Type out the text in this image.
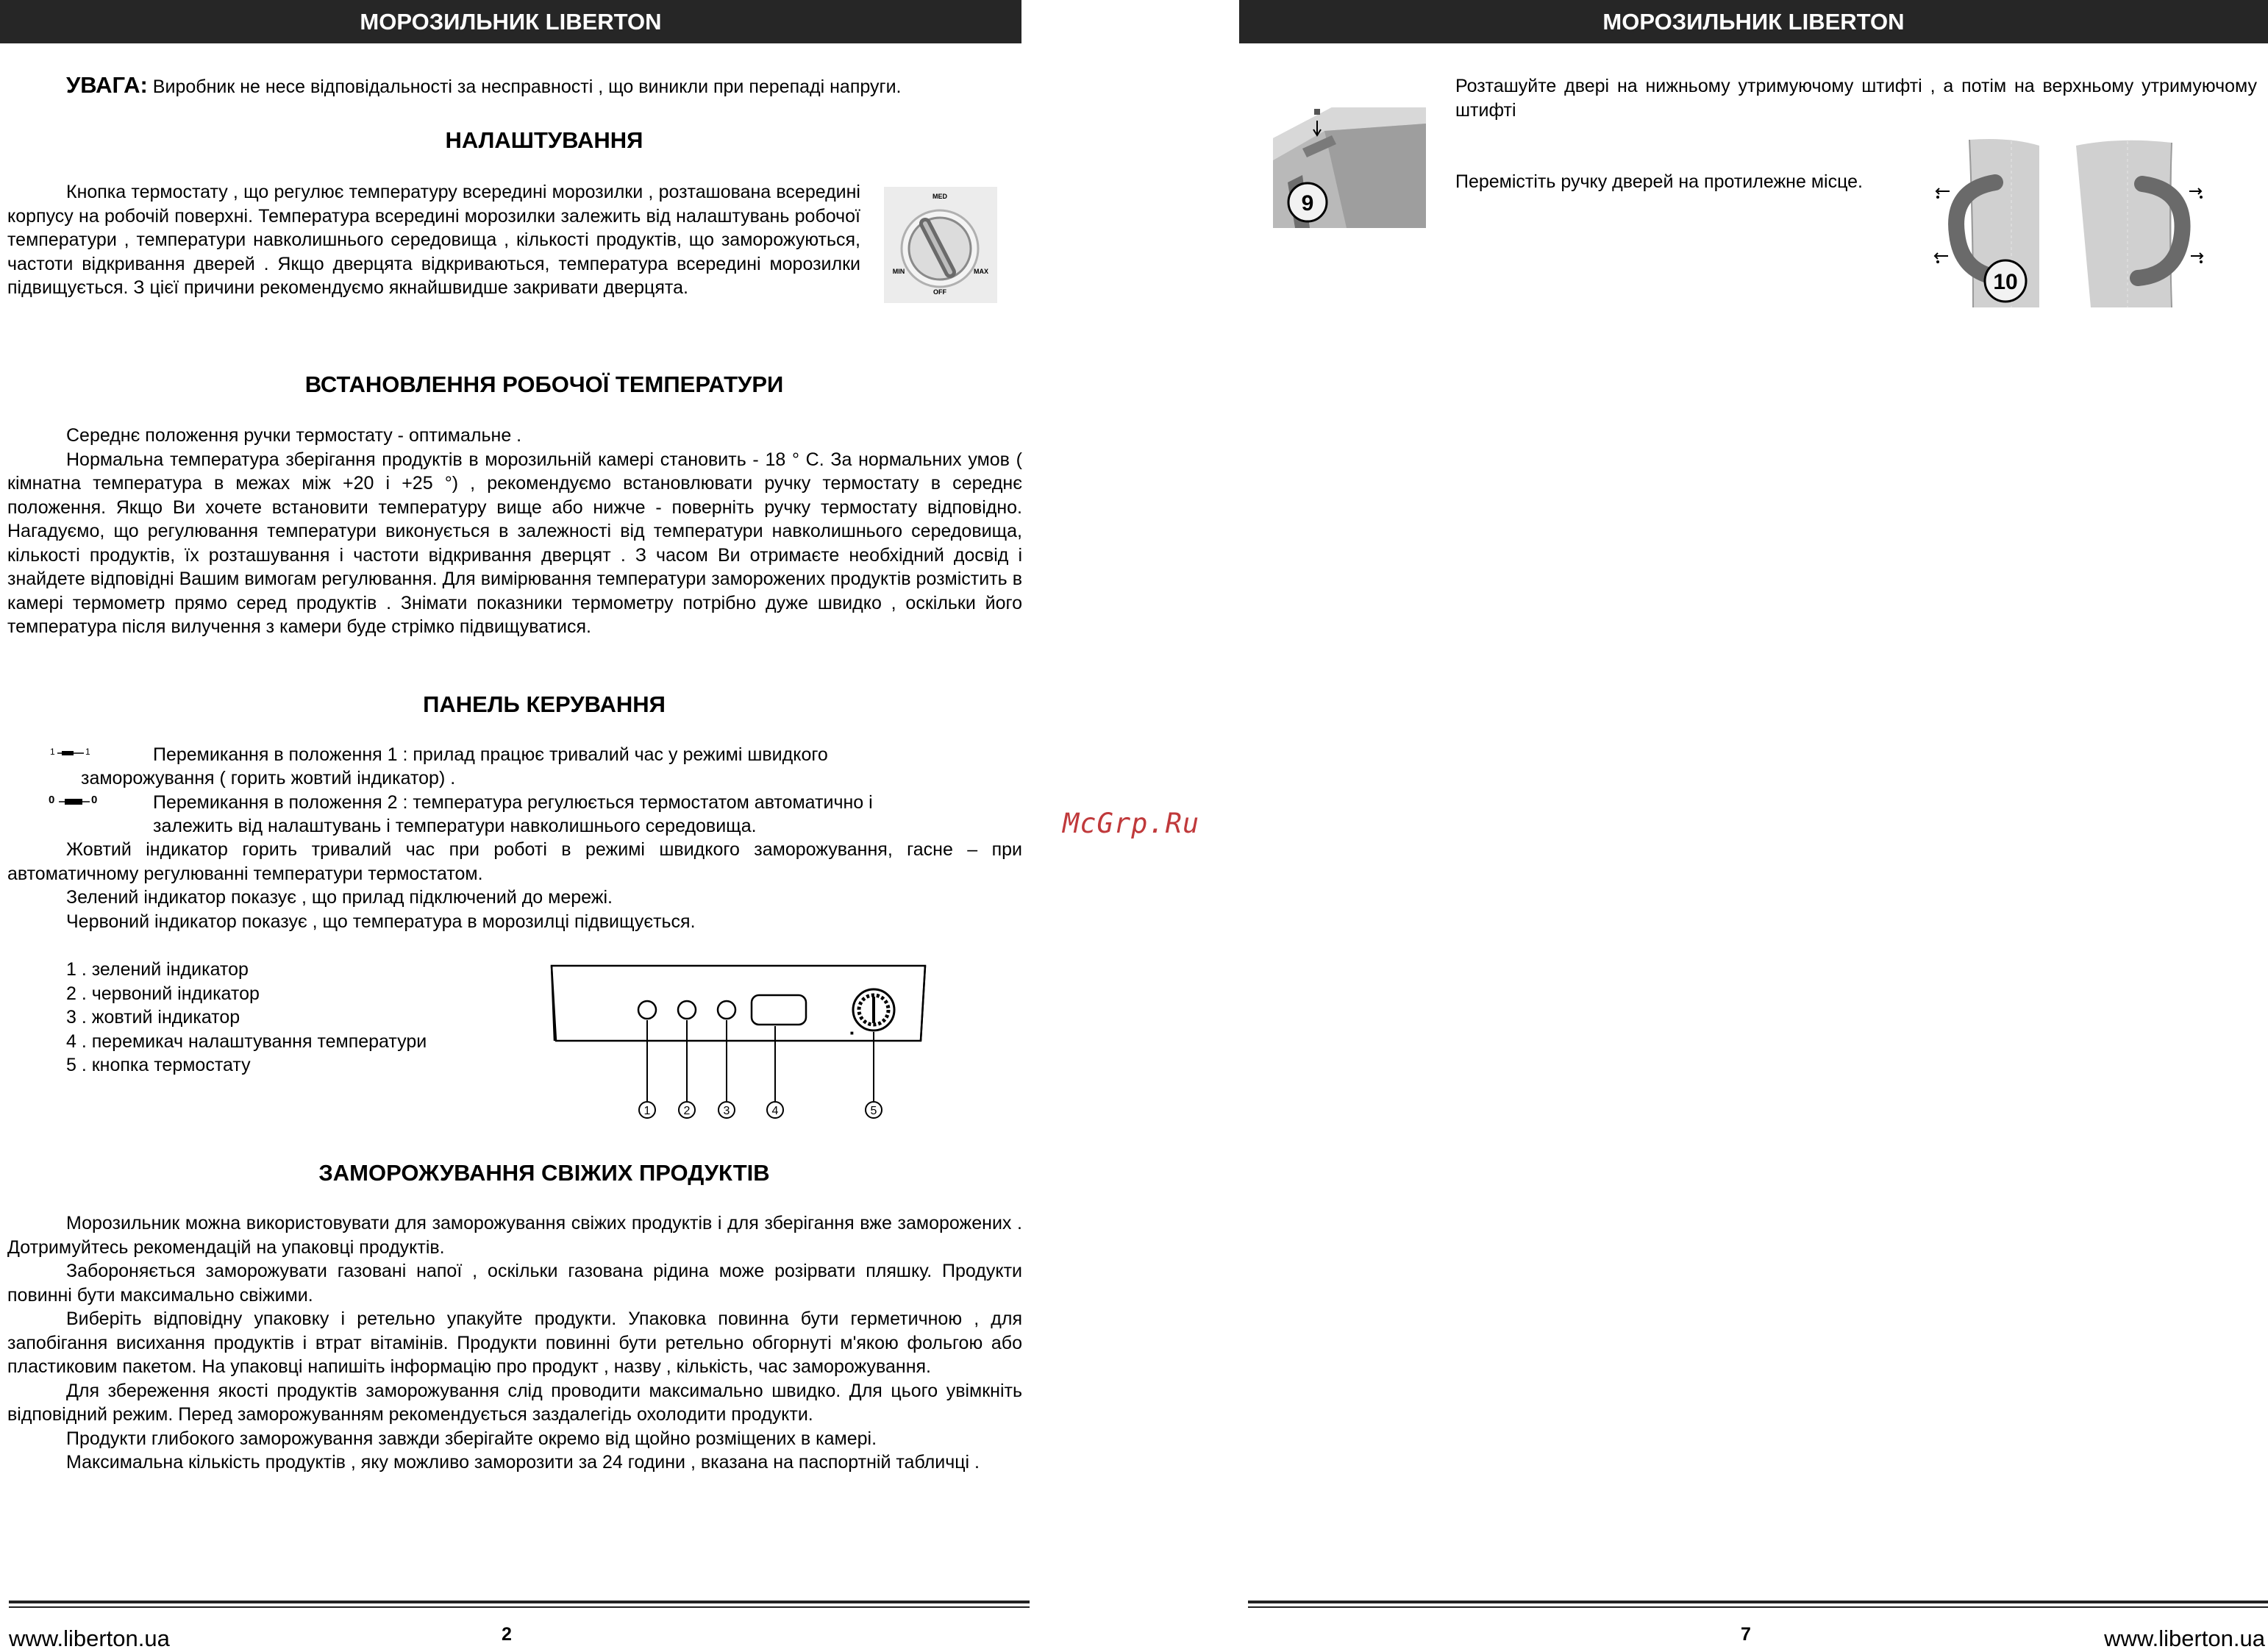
МОРОЗИЛЬНИК LIBERTON
УВАГА: Виробник не несе відповідальності за несправності , що виникли при перепаді напруги.
НАЛАШТУВАННЯ
Кнопка термостату , що регулює температуру всередині морозилки , розташована всередині корпусу на робочій поверхні. Температура всередині морозилки залежить від налаштувань робочої температури , температури навколишнього середовища , кількості продуктів, що заморожуються, частоти відкривання дверей . Якщо дверцята відкриваються, температура всередині морозилки підвищується. З цієї причини рекомендуємо якнайшвидше закривати дверцята.
MED
MIN	MAX
OFF
ВСТАНОВЛЕННЯ РОБОЧОЇ ТЕМПЕРАТУРИ

Середнє положення ручки термостату - оптимальне .

Нормальна температура зберігання продуктів в морозильній камері становить - 18 ° С. За нормальних умов ( кімнатна температура в межах між +20 і +25 °) , рекомендуємо встановлювати ручку термостату в середнє положення. Якщо Ви хочете встановити температуру вище або нижче - поверніть ручку термостату відповідно. Нагадуємо, що регулювання температури виконується в залежності від температури навколишнього середовища, кількості продуктів, їх розташування і частоти відкривання дверцят . З часом Ви отримаєте необхідний досвід і знайдете відповідні Вашим вимогам регулювання. Для вимірювання температури заморожених продуктів розмістить в камері термометр прямо серед продуктів . Знімати показники термометру потрібно дуже швидко , оскільки його температура після вилучення з камери буде стрімко підвищуватися.

ПАНЕЛЬ КЕРУВАННЯ
1	1	Перемикання в положення 1 : прилад працює тривалий час у режимі швидкого
заморожування ( горить жовтий індикатор) .
0	0	Перемикання в положення 2 : температура регулюється термостатом автоматично і
залежить від налаштувань і температури навколишнього середовища.

Жовтий індикатор горить тривалий час при роботі в режимі швидкого заморожування, гасне – при автоматичному регулюванні температури термостатом.

Зелений індикатор показує , що прилад підключений до мережі.

Червоний індикатор показує , що температура в морозилці підвищується.

1 . зелений індикатор

2 . червоний індикатор

3 . жовтий індикатор

4 . перемикач налаштування температури

5 . кнопка термостату

■
1	2	3	4	5
ЗАМОРОЖУВАННЯ СВІЖИХ ПРОДУКТІВ

Морозильник можна використовувати для заморожування свіжих продуктів і для зберігання вже заморожених . Дотримуйтесь рекомендацій на упаковці продуктів.

Забороняється заморожувати газовані напої , оскільки газована рідина може розірвати пляшку. Продукти повинні бути максимально свіжими.

Виберіть відповідну упаковку і ретельно упакуйте продукти. Упаковка повинна бути герметичною , для запобігання висихання продуктів і втрат вітамінів. Продукти повинні бути ретельно обгорнуті м'якою фольгою або пластиковим пакетом. На упаковці напишіть інформацію про продукт , назву , кількість, час заморожування.

Для збереження якості продуктів заморожування слід проводити максимально швидко. Для цього увімкніть відповідний режим. Перед заморожуванням рекомендується заздалегідь охолодити продукти.

Продукти глибокого заморожування завжди зберігайте окремо від щойно розміщених в камері.

Максимальна кількість продуктів , яку можливо заморозити за 24 години , вказана на паспортній табличці .

www.liberton.ua	2
McGrp.Ru
МОРОЗИЛЬНИК LIBERTON
9
Розташуйте двері на нижньому утримуючому штифті , а потім на верхньому утримуючому штифті
Перемістіть ручку дверей на протилежне місце.
10
7	www.liberton.ua
